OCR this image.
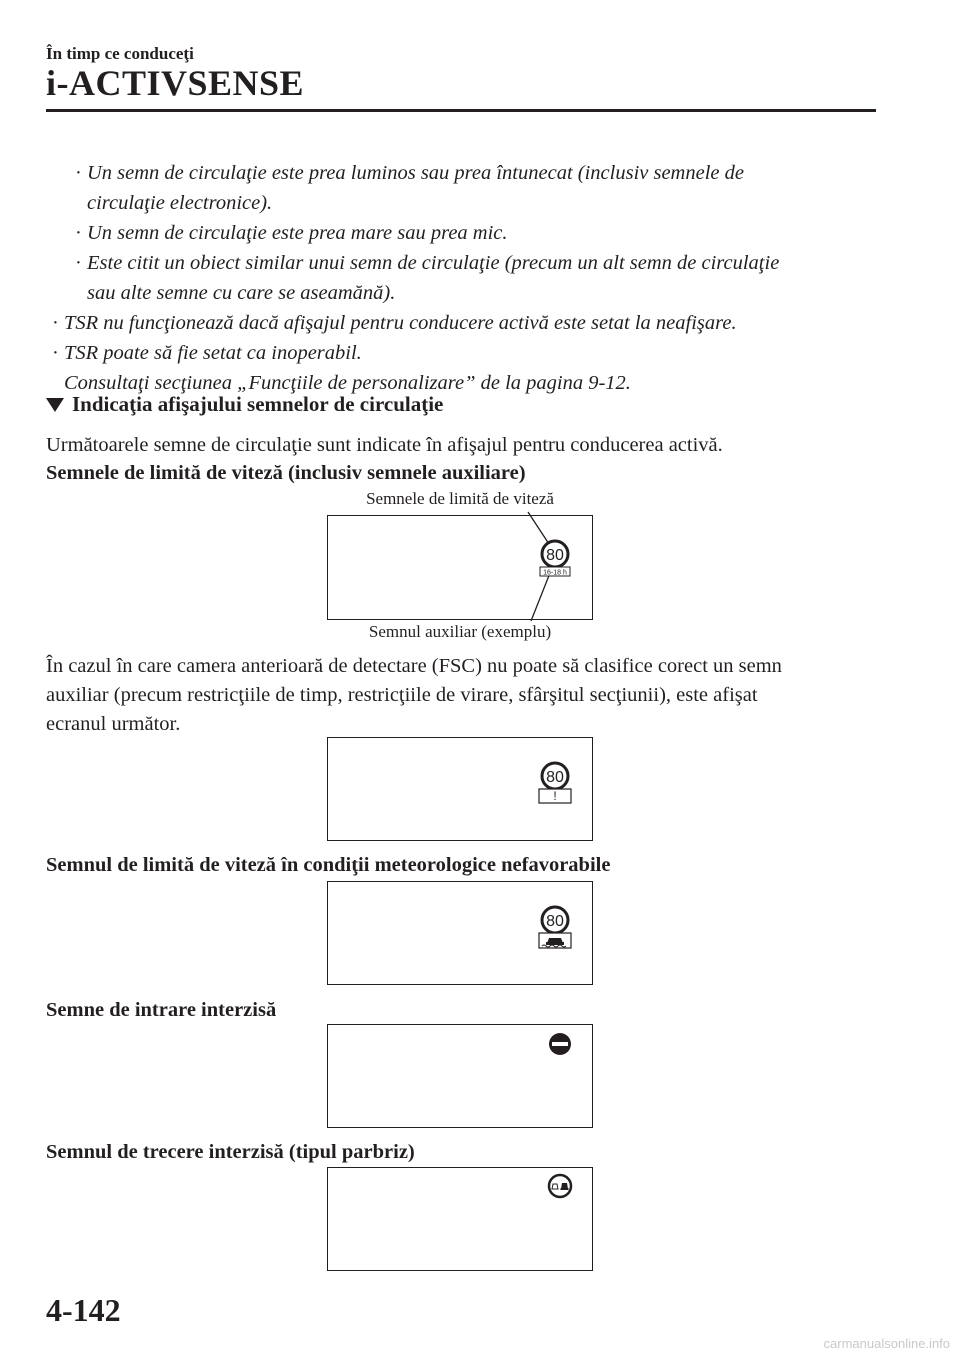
În timp ce conduceţi
i-ACTIVSENSE
· Un semn de circulaţie este prea luminos sau prea întunecat (inclusiv semnele de
circulaţie electronice).
· Un semn de circulaţie este prea mare sau prea mic.
· Este citit un obiect similar unui semn de circulaţie (precum un alt semn de circulaţie
sau alte semne cu care se aseamănă).
· TSR nu funcţionează dacă afişajul pentru conducere activă este setat la neafişare.
· TSR poate să fie setat ca inoperabil.
Consultaţi secţiunea „Funcţiile de personalizare” de la pagina 9-12.
Indicaţia afişajului semnelor de circulaţie
Următoarele semne de circulaţie sunt indicate în afişajul pentru conducerea activă.
Semnele de limită de viteză (inclusiv semnele auxiliare)
Semnele de limită de viteză
80
16-18 h
Semnul auxiliar (exemplu)
În cazul în care camera anterioară de detectare (FSC) nu poate să clasifice corect un semn
auxiliar (precum restricţiile de timp, restricţiile de virare, sfârşitul secţiunii), este afişat
ecranul următor.
80
!
Semnul de limită de viteză în condiţii meteorologice nefavorabile
80
Semne de intrare interzisă
Semnul de trecere interzisă (tipul parbriz)
4-142
carmanualsonline.info
